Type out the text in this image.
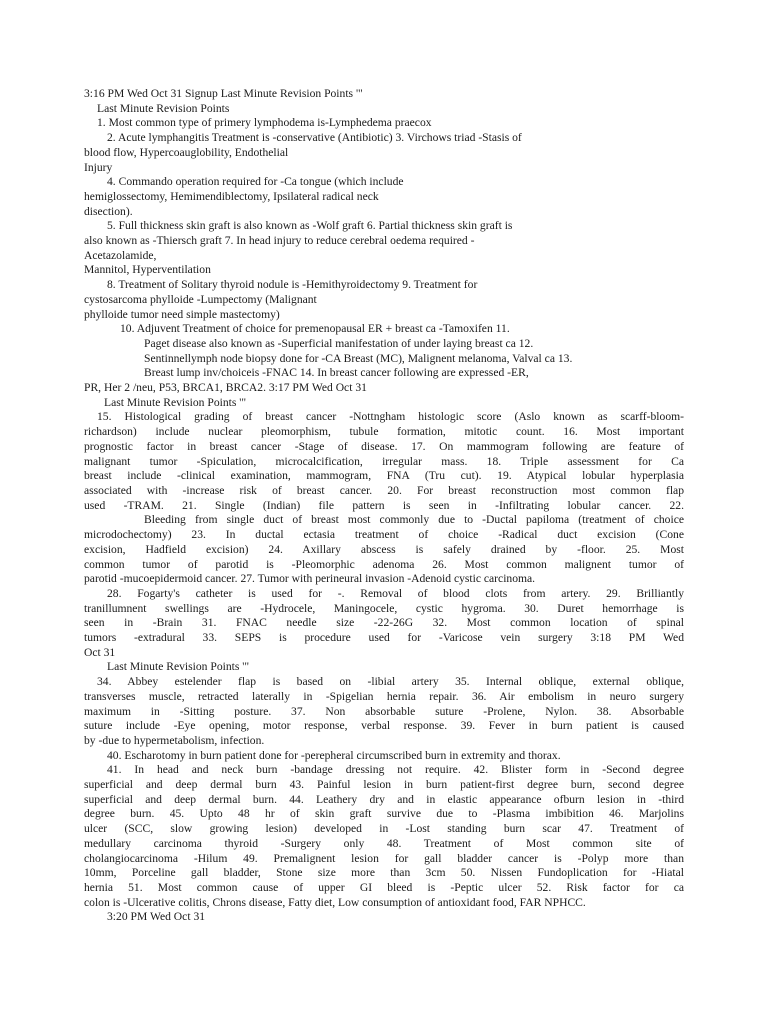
3:16 PM Wed Oct 31 Signup Last Minute Revision Points '"

Last Minute Revision Points

1. Most common type of primery lymphodema is-Lymphedema praecox

2. Acute lymphangitis Treatment is -conservative (Antibiotic) 3. Virchows triad -Stasis of

blood flow, Hypercoauglobility, Endothelial

Injury

4. Commando operation required for -Ca tongue (which include

hemiglossectomy, Hemimendiblectomy, Ipsilateral radical neck

disection).

5. Full thickness skin graft is also known as -Wolf graft 6. Partial thickness skin graft is

also known as -Thiersch graft 7. In head injury to reduce cerebral oedema required -

Acetazolamide,

Mannitol, Hyperventilation

8. Treatment of Solitary thyroid nodule is -Hemithyroidectomy 9. Treatment for

cystosarcoma phylloide -Lumpectomy (Malignant

phylloide tumor need simple mastectomy)

10. Adjuvent Treatment of choice for premenopausal ER + breast ca -Tamoxifen 11.

Paget disease also known as -Superficial manifestation of under laying breast ca 12.

Sentinnellymph node biopsy done for -CA Breast (MC), Malignent melanoma, Valval ca 13.

Breast lump inv/choiceis -FNAC 14. In breast cancer following are expressed -ER,

PR, Her 2 /neu, P53, BRCA1, BRCA2. 3:17 PM Wed Oct 31

Last Minute Revision Points '"

15. Histological grading of breast cancer -Nottngham histologic score (Aslo known as scarff-bloom-

richardson) include nuclear pleomorphism, tubule formation, mitotic count. 16. Most important

prognostic factor in breast cancer -Stage of disease. 17. On mammogram following are feature of

malignant tumor -Spiculation, microcalcification, irregular mass. 18. Triple assessment for Ca

breast include -clinical examination, mammogram, FNA (Tru cut). 19. Atypical lobular hyperplasia

associated with -increase risk of breast cancer. 20. For breast reconstruction most common flap

used -TRAM. 21. Single (Indian) file pattern is seen in -Infiltrating lobular cancer. 22.

Bleeding from single duct of breast most commonly due to -Ductal papiloma (treatment of choice

microdochectomy) 23. In ductal ectasia treatment of choice -Radical duct excision (Cone

excision, Hadfield excision) 24. Axillary abscess is safely drained by -floor. 25. Most

common tumor of parotid is -Pleomorphic adenoma 26. Most common malignent tumor of

parotid -mucoepidermoid cancer. 27. Tumor with perineural invasion -Adenoid cystic carcinoma.

28. Fogarty's catheter is used for -. Removal of blood clots from artery. 29. Brilliantly

tranillumnent swellings are -Hydrocele, Maningocele, cystic hygroma. 30. Duret hemorrhage is

seen in -Brain 31. FNAC needle size -22-26G 32. Most common location of spinal

tumors -extradural 33. SEPS is procedure used for -Varicose vein surgery 3:18 PM Wed

Oct 31

Last Minute Revision Points '"

34. Abbey estelender flap is based on -libial artery 35. Internal oblique, external oblique,

transverses muscle, retracted laterally in -Spigelian hernia repair. 36. Air embolism in neuro surgery

maximum in -Sitting posture. 37. Non absorbable suture -Prolene, Nylon. 38. Absorbable

suture include -Eye opening, motor response, verbal response. 39. Fever in burn patient is caused

by -due to hypermetabolism, infection.

40. Escharotomy in burn patient done for -perepheral circumscribed burn in extremity and thorax.

41. In head and neck burn -bandage dressing not require. 42. Blister form in -Second degree

superficial and deep dermal burn 43. Painful lesion in burn patient-first degree burn, second degree

superficial and deep dermal burn. 44. Leathery dry and in elastic appearance ofburn lesion in -third

degree burn. 45. Upto 48 hr of skin graft survive due to -Plasma imbibition 46. Marjolins

ulcer (SCC, slow growing lesion) developed in -Lost standing burn scar 47. Treatment of

medullary carcinoma thyroid -Surgery only 48. Treatment of Most common site of

cholangiocarcinoma -Hilum 49. Premalignent lesion for gall bladder cancer is -Polyp more than

10mm, Porceline gall bladder, Stone size more than 3cm 50. Nissen Fundoplication for -Hiatal

hernia 51. Most common cause of upper GI bleed is -Peptic ulcer 52. Risk factor for ca

colon is -Ulcerative colitis, Chrons disease, Fatty diet, Low consumption of antioxidant food, FAR NPHCC.

3:20 PM Wed Oct 31
